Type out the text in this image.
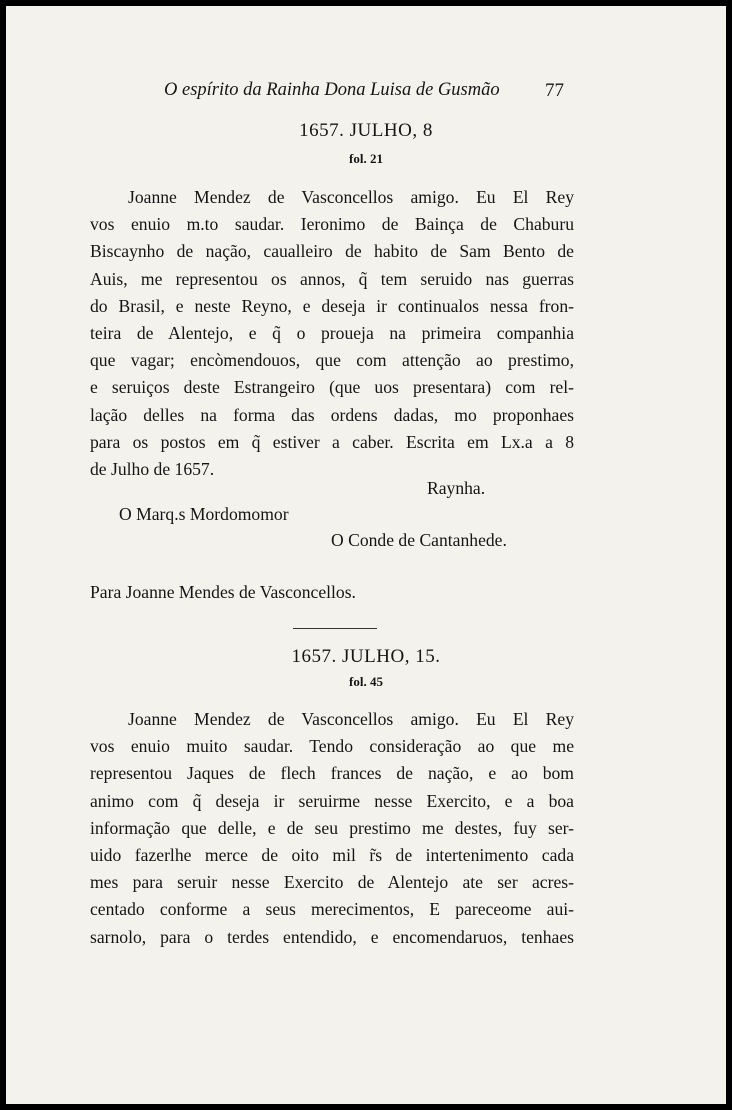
O espírito da Rainha Dona Luisa de Gusmão 77
1657. JULHO, 8
fol. 21
Joanne Mendez de Vasconcellos amigo. Eu El Rey
vos enuio m.to saudar. Ieronimo de Bainça de Chaburu
Biscaynho de nação, caualleiro de habito de Sam Bento de
Auis, me representou os annos, q̃ tem seruido nas guerras
do Brasil, e neste Reyno, e deseja ir continualos nessa fron-
teira de Alentejo, e q̃ o proueja na primeira companhia
que vagar; encòmendouos, que com attenção ao prestimo,
e seruiços deste Estrangeiro (que uos presentara) com rel-
lação delles na forma das ordens dadas, mo proponhaes
para os postos em q̃ estiver a caber. Escrita em Lx.a a 8
de Julho de 1657.
Raynha.
O Marq.s Mordomomor
O Conde de Cantanhede.
Para Joanne Mendes de Vasconcellos.
1657. JULHO, 15.
fol. 45
Joanne Mendez de Vasconcellos amigo. Eu El Rey
vos enuio muito saudar. Tendo consideração ao que me
representou Jaques de flech frances de nação, e ao bom
animo com q̃ deseja ir seruirme nesse Exercito, e a boa
informação que delle, e de seu prestimo me destes, fuy ser-
uido fazerlhe merce de oito mil r̃s de intertenimento cada
mes para seruir nesse Exercito de Alentejo ate ser acres-
centado conforme a seus merecimentos, E pareceome aui-
sarnolo, para o terdes entendido, e encomendaruos, tenhaes
